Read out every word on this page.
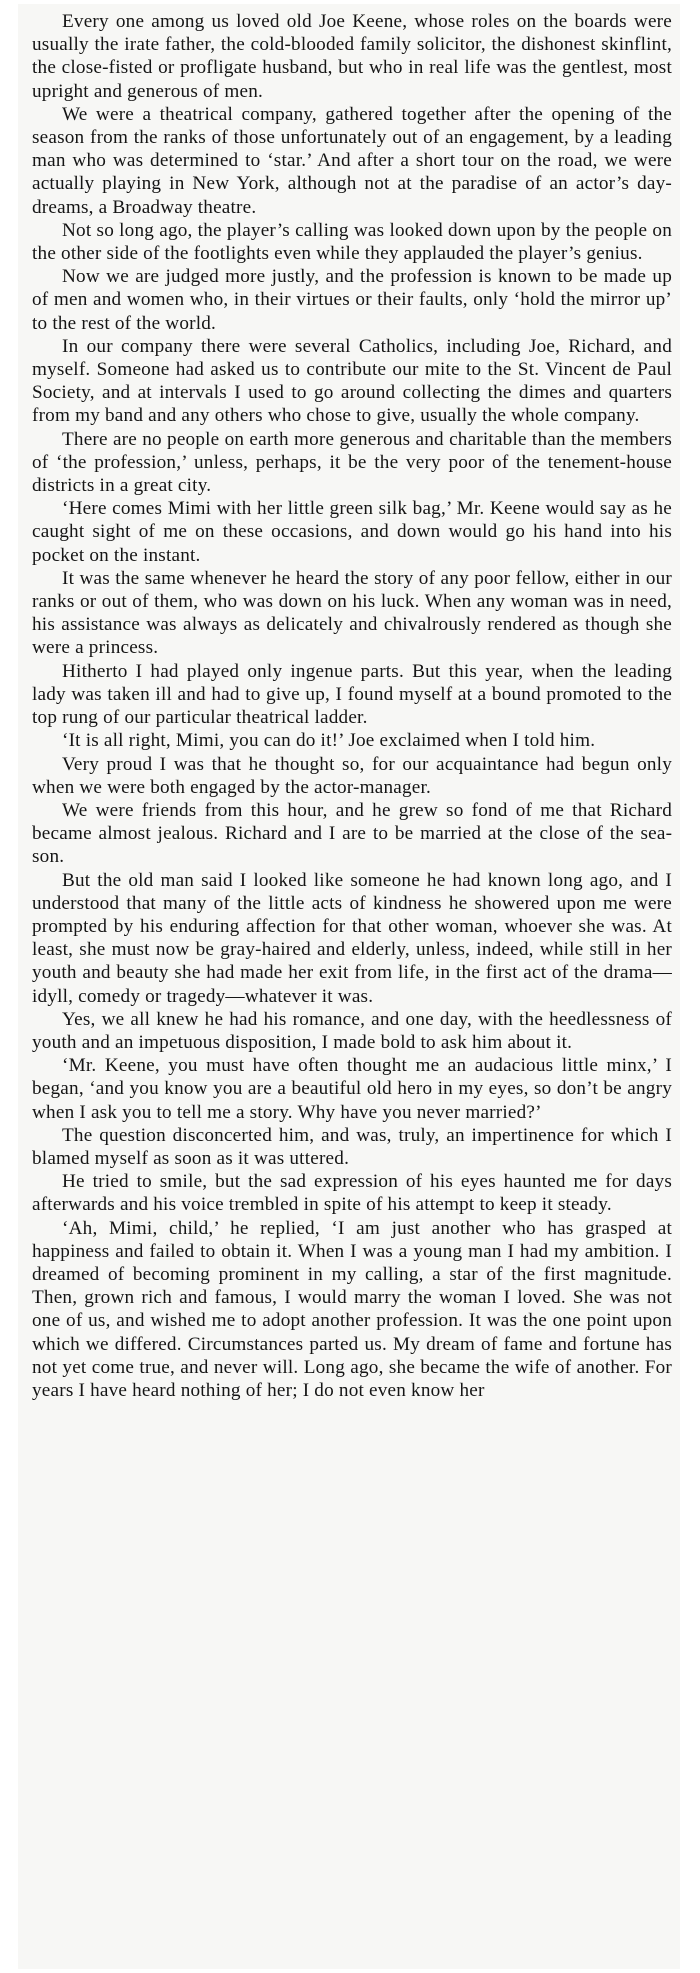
Every one among us loved old Joe Keene, whose roles on the boards were usually the irate father, the cold-blooded family solicitor, the dishonest skinflint, the close-fisted or profligate husband, but who in real life was the gentlest, most upright and generous of men.

We were a theatrical company, gathered together after the opening of the season from the ranks of those unfortunately out of an engagement, by a leading man who was determined to ‘star.’ And after a short tour on the road, we were actually playing in New York, although not at the paradise of an actor’s day-dreams, a Broadway theatre.

Not so long ago, the player’s calling was looked down upon by the people on the other side of the footlights even while they applauded the player’s genius.

Now we are judged more justly, and the profession is known to be made up of men and women who, in their virtues or their faults, only ‘hold the mirror up’ to the rest of the world.

In our company there were several Catholics, including Joe, Richard, and myself. Someone had asked us to contribute our mite to the St. Vincent de Paul Society, and at intervals I used to go around collecting the dimes and quarters from my band and any others who chose to give, usually the whole company.

There are no people on earth more generous and charitable than the members of ‘the profession,’ unless, perhaps, it be the very poor of the tenement-house districts in a great city.

‘Here comes Mimi with her little green silk bag,’ Mr. Keene would say as he caught sight of me on these occasions, and down would go his hand into his pocket on the instant.

It was the same whenever he heard the story of any poor fellow, either in our ranks or out of them, who was down on his luck. When any woman was in need, his assistance was always as delicately and chivalrously rendered as though she were a princess.

Hitherto I had played only ingenue parts. But this year, when the leading lady was taken ill and had to give up, I found myself at a bound promoted to the top rung of our particular theatrical ladder.

‘It is all right, Mimi, you can do it!’ Joe exclaimed when I told him.

Very proud I was that he thought so, for our acquaintance had begun only when we were both engaged by the actor-manager.

We were friends from this hour, and he grew so fond of me that Richard became almost jealous. Richard and I are to be married at the close of the season.

But the old man said I looked like someone he had known long ago, and I understood that many of the little acts of kindness he showered upon me were prompted by his enduring affection for that other woman, whoever she was. At least, she must now be gray-haired and elderly, unless, indeed, while still in her youth and beauty she had made her exit from life, in the first act of the drama—idyll, comedy or tragedy—whatever it was.

Yes, we all knew he had his romance, and one day, with the heedlessness of youth and an impetuous disposition, I made bold to ask him about it.

‘Mr. Keene, you must have often thought me an audacious little minx,’ I began, ‘and you know you are a beautiful old hero in my eyes, so don’t be angry when I ask you to tell me a story. Why have you never married?’

The question disconcerted him, and was, truly, an impertinence for which I blamed myself as soon as it was uttered.

He tried to smile, but the sad expression of his eyes haunted me for days afterwards and his voice trembled in spite of his attempt to keep it steady.

‘Ah, Mimi, child,’ he replied, ‘I am just another who has grasped at happiness and failed to obtain it. When I was a young man I had my ambition. I dreamed of becoming prominent in my calling, a star of the first magnitude. Then, grown rich and famous, I would marry the woman I loved. She was not one of us, and wished me to adopt another profession. It was the one point upon which we differed. Circumstances parted us. My dream of fame and fortune has not yet come true, and never will. Long ago, she became the wife of another. For years I have heard nothing of her; I do not even know her
